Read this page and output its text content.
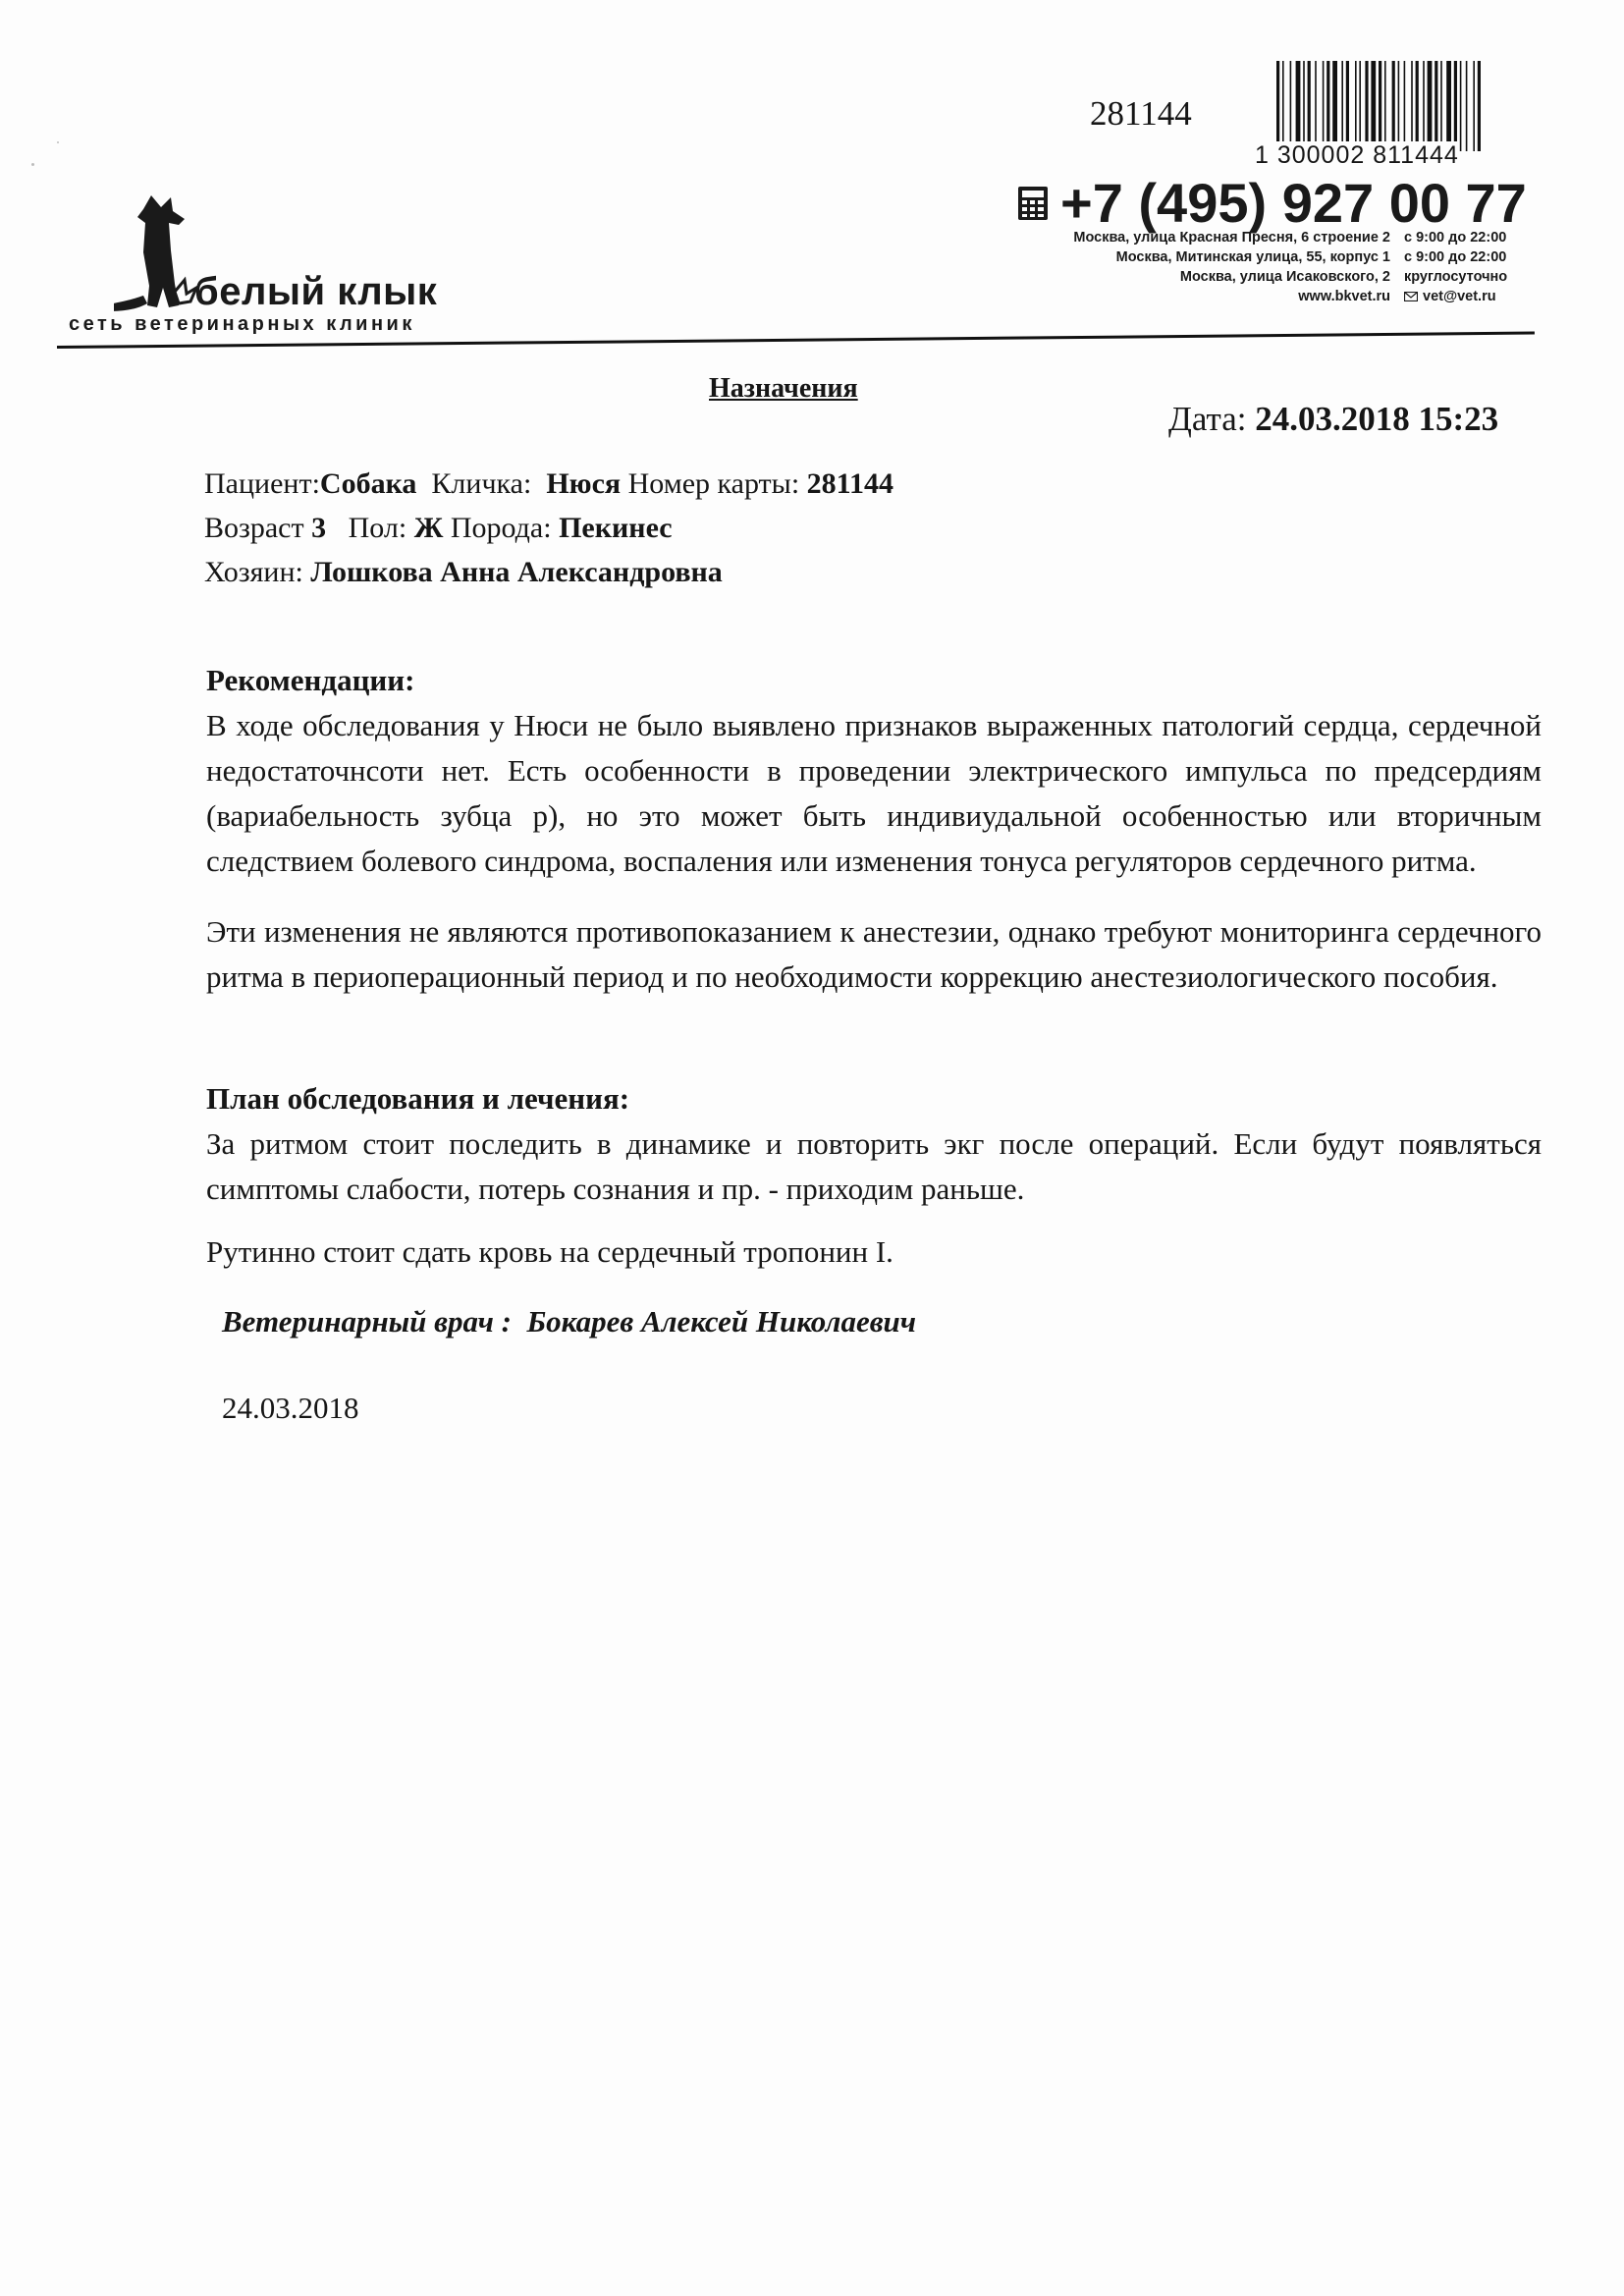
281144
1 300002 811444
белый клык
сеть ветеринарных клиник
+7 (495) 927 00 77
Москва, улица Красная Пресня, 6 строение 2 с 9:00 до 22:00
Москва, Митинская улица, 55, корпус 1 с 9:00 до 22:00
Москва, улица Исаковского, 2 круглосуточно
www.bkvet.ru	vet@vet.ru
Назначения
Дата: 24.03.2018 15:23
Пациент:Собака Кличка: Нюся Номер карты: 281144
Возраст 3 Пол: Ж Порода: Пекинес
Хозяин: Лошкова Анна Александровна
Рекомендации:
В ходе обследования у Нюси не было выявлено признаков выраженных патологий сердца, сердечной недостаточнсоти нет. Есть особенности в проведении электрического импульса по предсердиям (вариабельность зубца р), но это может быть индивиудальной особенностью или вторичным следствием болевого синдрома, воспаления или изменения тонуса регуляторов сердечного ритма.
Эти изменения не являются противопоказанием к анестезии, однако требуют мониторинга сердечного ритма в периоперационный период и по необходимости коррекцию анестезиологического пособия.
План обследования и лечения:
За ритмом стоит последить в динамике и повторить экг после операций. Если будут появляться симптомы слабости, потерь сознания и пр. - приходим раньше.
Рутинно стоит сдать кровь на сердечный тропонин I.
Ветеринарный врач : Бокарев Алексей Николаевич
24.03.2018
